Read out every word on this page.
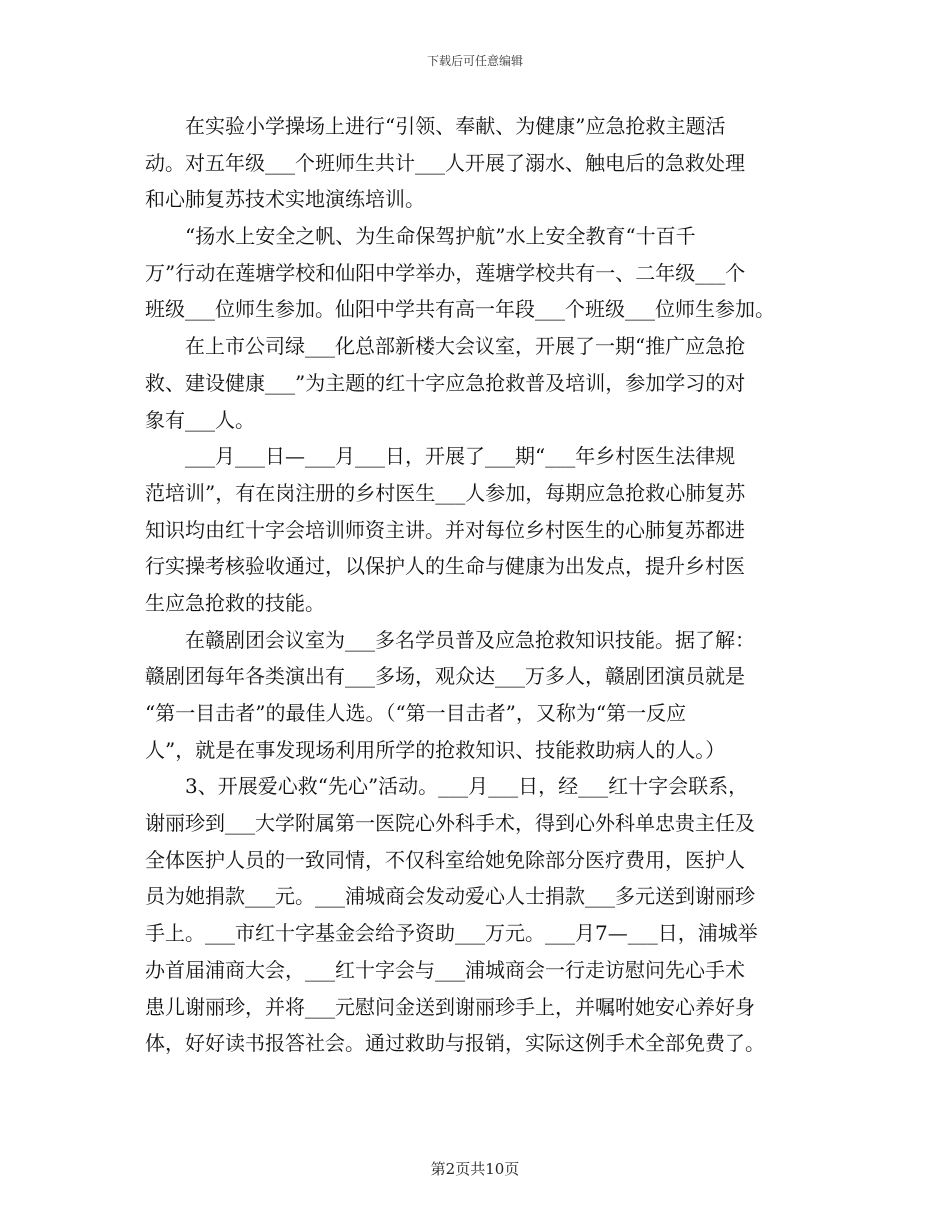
下载后可任意编辑
在实验小学操场上进行“引领、奉献、为健康”应急抢救主题活
动。对五年级___个班师生共计___人开展了溺水、触电后的急救处理
和心肺复苏技术实地演练培训。
“扬水上安全之帆、为生命保驾护航”水上安全教育“十百千
万”行动在莲塘学校和仙阳中学举办，莲塘学校共有一、二年级___个
班级___位师生参加。仙阳中学共有高一年段___个班级___位师生参加。
在上市公司绿___化总部新楼大会议室，开展了一期“推广应急抢
救、建设健康___”为主题的红十字应急抢救普及培训，参加学习的对
象有___人。
___月___日—___月___日，开展了___期“___年乡村医生法律规
范培训”，有在岗注册的乡村医生___人参加，每期应急抢救心肺复苏
知识均由红十字会培训师资主讲。并对每位乡村医生的心肺复苏都进
行实操考核验收通过，以保护人的生命与健康为出发点，提升乡村医
生应急抢救的技能。
在赣剧团会议室为___多名学员普及应急抢救知识技能。据了解：
赣剧团每年各类演出有___多场，观众达___万多人，赣剧团演员就是
“第一目击者”的最佳人选。（“第一目击者”，又称为“第一反应
人”，就是在事发现场利用所学的抢救知识、技能救助病人的人。）
3、开展爱心救“先心”活动。___月___日，经___红十字会联系，
谢丽珍到___大学附属第一医院心外科手术，得到心外科单忠贵主任及
全体医护人员的一致同情，不仅科室给她免除部分医疗费用，医护人
员为她捐款___元。___浦城商会发动爱心人士捐款___多元送到谢丽珍
手上。___市红十字基金会给予资助___万元。___月7—___日，浦城举
办首届浦商大会，___红十字会与___浦城商会一行走访慰问先心手术
患儿谢丽珍，并将___元慰问金送到谢丽珍手上，并嘱咐她安心养好身
体，好好读书报答社会。通过救助与报销，实际这例手术全部免费了。
第2页共10页
